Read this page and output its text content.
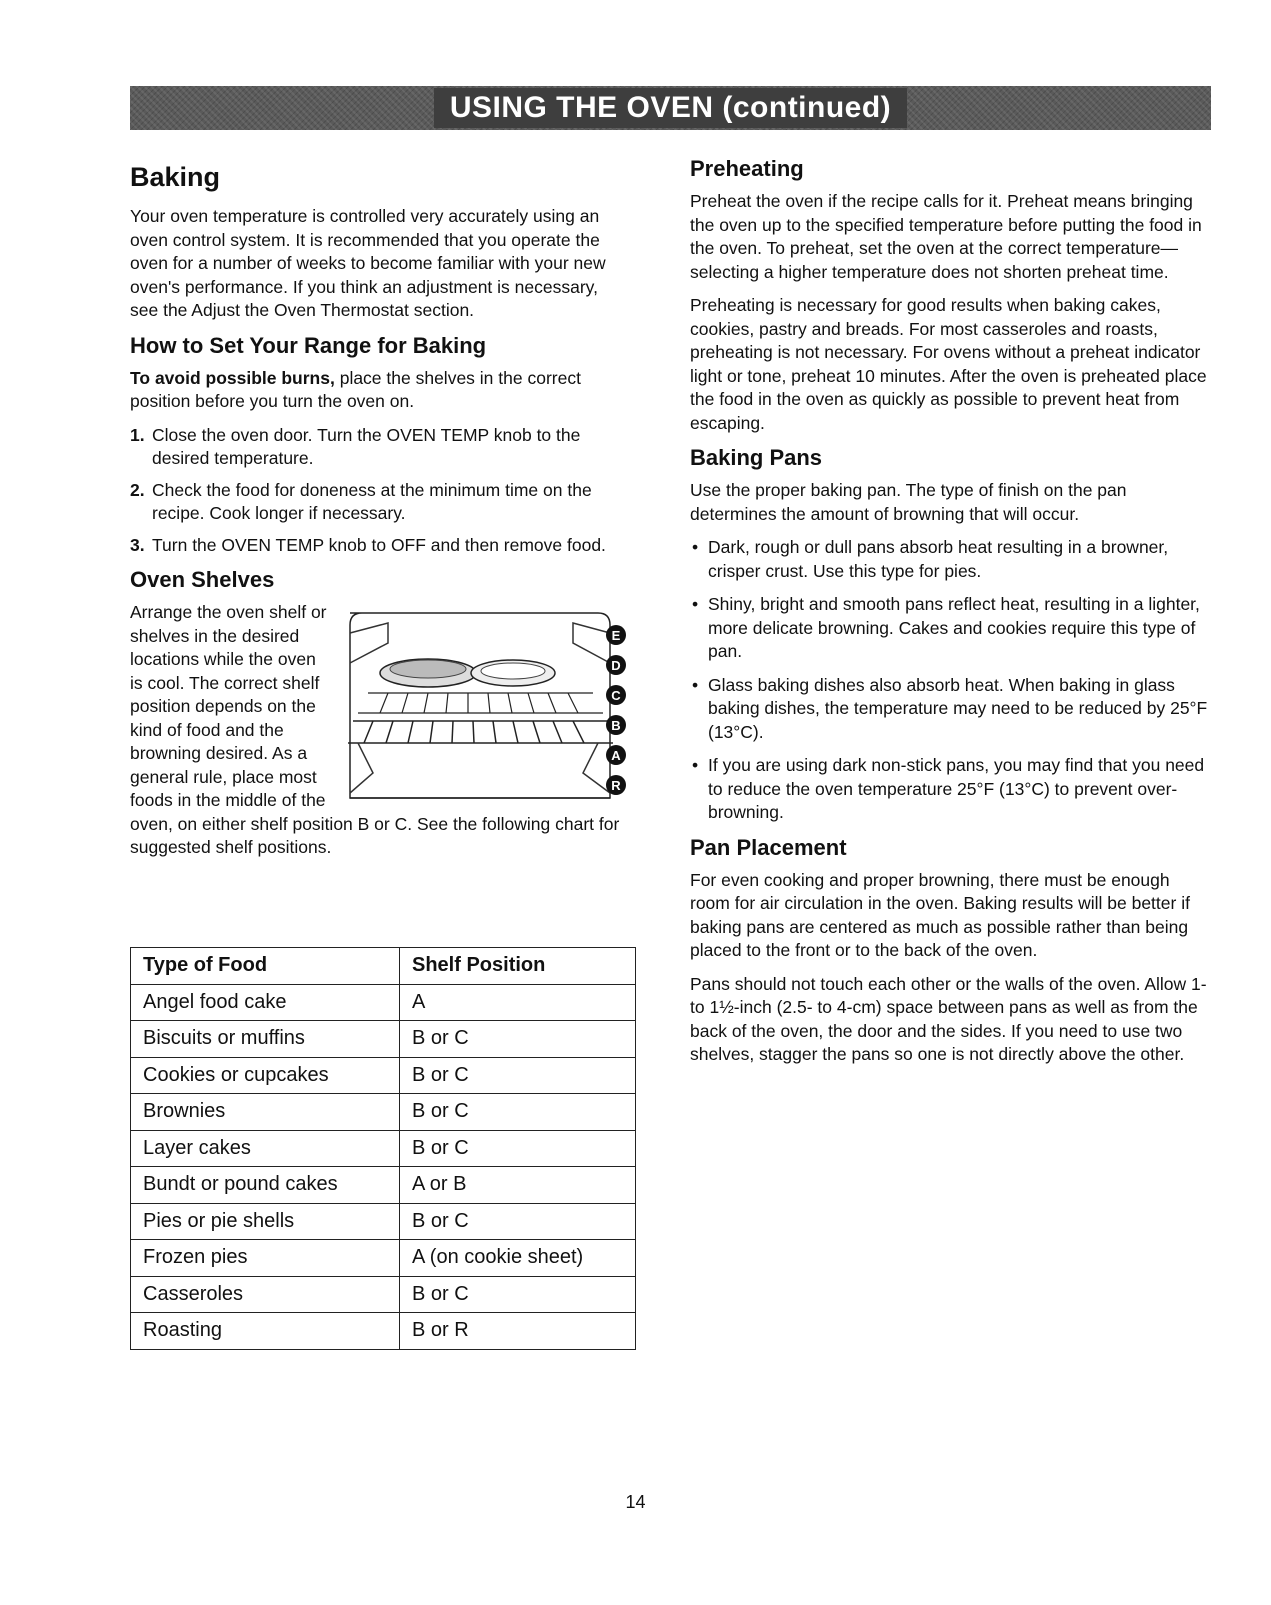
USING THE OVEN (continued)
Baking

Your oven temperature is controlled very accurately using an oven control system. It is recommended that you operate the oven for a number of weeks to become familiar with your new oven's performance. If you think an adjustment is necessary, see the Adjust the Oven Thermostat section.

How to Set Your Range for Baking

To avoid possible burns, place the shelves in the correct position before you turn the oven on.

1. Close the oven door. Turn the OVEN TEMP knob to the desired temperature.
2. Check the food for doneness at the minimum time on the recipe. Cook longer if necessary.
3. Turn the OVEN TEMP knob to OFF and then remove food.
Oven Shelves
E
D
C
B
A
R

Arrange the oven shelf or shelves in the desired locations while the oven is cool. The correct shelf position depends on the kind of food and the browning desired. As a general rule, place most foods in the middle of the

oven, on either shelf position B or C. See the following chart for suggested shelf positions.

Type of Food	Shelf Position
Angel food cake	A
Biscuits or muffins	B or C
Cookies or cupcakes	B or C
Brownies	B or C
Layer cakes	B or C
Bundt or pound cakes	A or B
Pies or pie shells	B or C
Frozen pies	A (on cookie sheet)
Casseroles	B or C
Roasting	B or R
Preheating

Preheat the oven if the recipe calls for it. Preheat means bringing the oven up to the specified temperature before putting the food in the oven. To preheat, set the oven at the correct temperature—selecting a higher temperature does not shorten preheat time.

Preheating is necessary for good results when baking cakes, cookies, pastry and breads. For most casseroles and roasts, preheating is not necessary. For ovens without a preheat indicator light or tone, preheat 10 minutes. After the oven is preheated place the food in the oven as quickly as possible to prevent heat from escaping.

Baking Pans

Use the proper baking pan. The type of finish on the pan determines the amount of browning that will occur.

• Dark, rough or dull pans absorb heat resulting in a browner, crisper crust. Use this type for pies.
• Shiny, bright and smooth pans reflect heat, resulting in a lighter, more delicate browning. Cakes and cookies require this type of pan.
• Glass baking dishes also absorb heat. When baking in glass baking dishes, the temperature may need to be reduced by 25°F (13°C).
• If you are using dark non-stick pans, you may find that you need to reduce the oven temperature 25°F (13°C) to prevent over-browning.
Pan Placement

For even cooking and proper browning, there must be enough room for air circulation in the oven. Baking results will be better if baking pans are centered as much as possible rather than being placed to the front or to the back of the oven.

Pans should not touch each other or the walls of the oven. Allow 1- to 1½-inch (2.5- to 4-cm) space between pans as well as from the back of the oven, the door and the sides. If you need to use two shelves, stagger the pans so one is not directly above the other.

14
